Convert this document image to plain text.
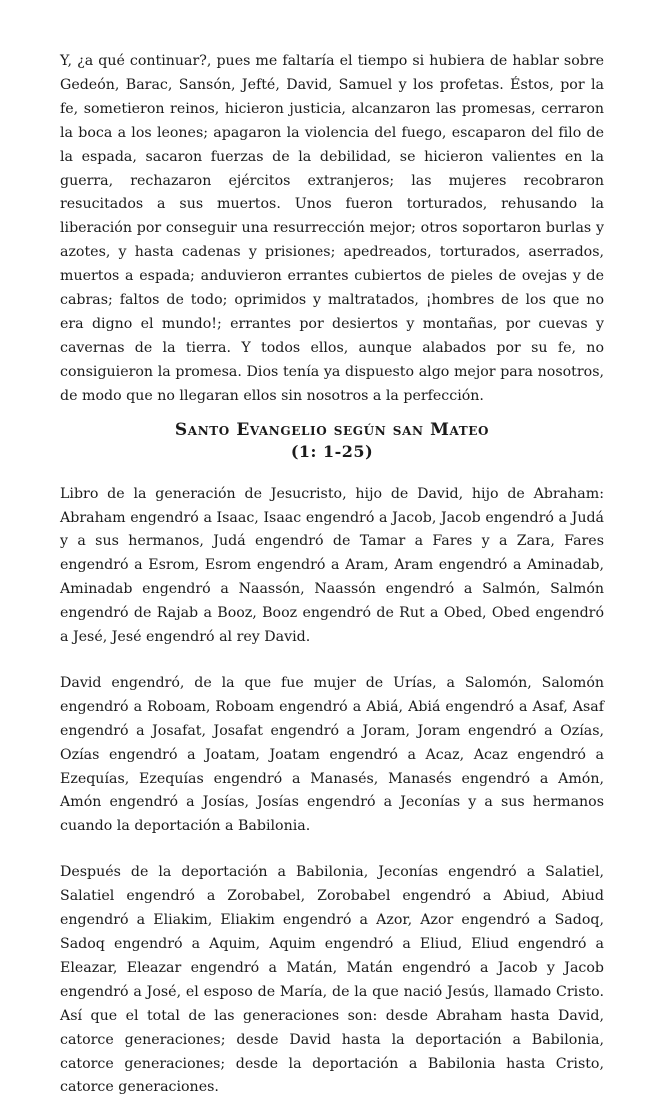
Y, ¿a qué continuar?, pues me faltaría el tiempo si hubiera de hablar sobre Gedeón, Barac, Sansón, Jefté, David, Samuel y los profetas. Éstos, por la fe, sometieron reinos, hicieron justicia, alcanzaron las promesas, cerraron la boca a los leones; apagaron la violencia del fuego, escaparon del filo de la espada, sacaron fuerzas de la debilidad, se hicieron valientes en la guerra, rechazaron ejércitos extranjeros; las mujeres recobraron resucitados a sus muertos. Unos fueron torturados, rehusando la liberación por conseguir una resurrección mejor; otros soportaron burlas y azotes, y hasta cadenas y prisiones; apedreados, torturados, aserrados, muertos a espada; anduvieron errantes cubiertos de pieles de ovejas y de cabras; faltos de todo; oprimidos y maltratados, ¡hombres de los que no era digno el mundo!; errantes por desiertos y montañas, por cuevas y cavernas de la tierra. Y todos ellos, aunque alabados por su fe, no consiguieron la promesa. Dios tenía ya dispuesto algo mejor para nosotros, de modo que no llegaran ellos sin nosotros a la perfección.

Santo Evangelio según san Mateo
(1: 1-25)

Libro de la generación de Jesucristo, hijo de David, hijo de Abraham: Abraham engendró a Isaac, Isaac engendró a Jacob, Jacob engendró a Judá y a sus hermanos, Judá engendró de Tamar a Fares y a Zara, Fares engendró a Esrom, Esrom engendró a Aram, Aram engendró a Aminadab, Aminadab engendró a Naassón, Naassón engendró a Salmón, Salmón engendró de Rajab a Booz, Booz engendró de Rut a Obed, Obed engendró a Jesé, Jesé engendró al rey David.

David engendró, de la que fue mujer de Urías, a Salomón, Salomón engendró a Roboam, Roboam engendró a Abiá, Abiá engendró a Asaf, Asaf engendró a Josafat, Josafat engendró a Joram, Joram engendró a Ozías, Ozías engendró a Joatam, Joatam engendró a Acaz, Acaz engendró a Ezequías, Ezequías engendró a Manasés, Manasés engendró a Amón, Amón engendró a Josías, Josías engendró a Jeconías y a sus hermanos cuando la deportación a Babilonia.

Después de la deportación a Babilonia, Jeconías engendró a Salatiel, Salatiel engendró a Zorobabel, Zorobabel engendró a Abiud, Abiud engendró a Eliakim, Eliakim engendró a Azor, Azor engendró a Sadoq, Sadoq engendró a Aquim, Aquim engendró a Eliud, Eliud engendró a Eleazar, Eleazar engendró a Matán, Matán engendró a Jacob y Jacob engendró a José, el esposo de María, de la que nació Jesús, llamado Cristo. Así que el total de las generaciones son: desde Abraham hasta David, catorce generaciones; desde David hasta la deportación a Babilonia, catorce generaciones; desde la deportación a Babilonia hasta Cristo, catorce generaciones.
